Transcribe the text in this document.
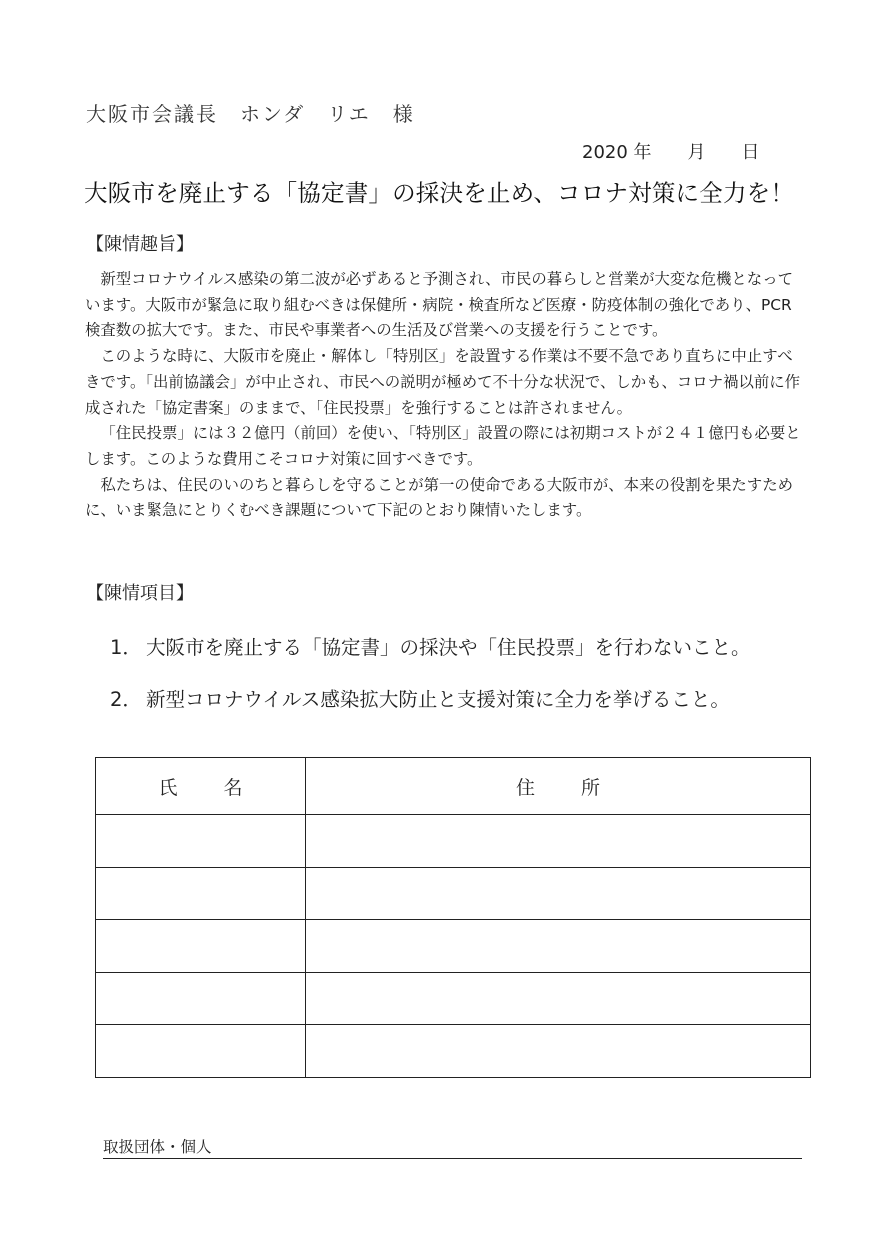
大阪市会議長　ホンダ　リエ　様
2020 年　　月　　日
大阪市を廃止する「協定書」の採決を止め、コロナ対策に全力を！
【陳情趣旨】

新型コロナウイルス感染の第二波が必ずあると予測され、市民の暮らしと営業が大変な危機となっています。大阪市が緊急に取り組むべきは保健所・病院・検査所など医療・防疫体制の強化であり、PCR 検査数の拡大です。また、市民や事業者への生活及び営業への支援を行うことです。

このような時に、大阪市を廃止・解体し「特別区」を設置する作業は不要不急であり直ちに中止すべきです。「出前協議会」が中止され、市民への説明が極めて不十分な状況で、しかも、コロナ禍以前に作成された「協定書案」のままで、「住民投票」を強行することは許されません。

「住民投票」には３２億円（前回）を使い、「特別区」設置の際には初期コストが２４１億円も必要とします。このような費用こそコロナ対策に回すべきです。

私たちは、住民のいのちと暮らしを守ることが第一の使命である大阪市が、本来の役割を果たすために、いま緊急にとりくむべき課題について下記のとおり陳情いたします。

【陳情項目】
1． 大阪市を廃止する「協定書」の採決や「住民投票」を行わないこと。
2． 新型コロナウイルス感染拡大防止と支援対策に全力を挙げること。
氏名	住所

取扱団体・個人
